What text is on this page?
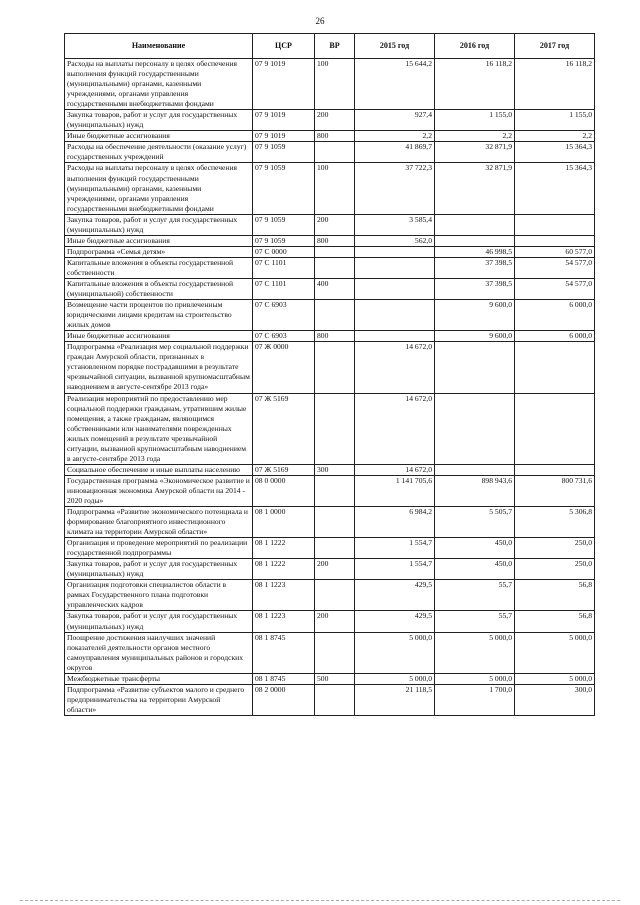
26
Наименование	ЦСР	ВР	2015 год	2016 год	2017 год
Расходы на выплаты персоналу в целях обеспечения выполнения функций государственными (муниципальными) органами, казенными учреждениями, органами управления государственными внебюджетными фондами	07 9 1019	100	15 644,2	16 118,2	16 118,2
Закупка товаров, работ и услуг для государственных (муниципальных) нужд	07 9 1019	200	927,4	1 155,0	1 155,0
Иные бюджетные ассигнования	07 9 1019	800	2,2	2,2	2,2
Расходы на обеспечение деятельности (оказание услуг) государственных учреждений	07 9 1059		41 869,7	32 871,9	15 364,3
Расходы на выплаты персоналу в целях обеспечения выполнения функций государственными (муниципальными) органами, казенными учреждениями, органами управления государственными внебюджетными фондами	07 9 1059	100	37 722,3	32 871,9	15 364,3
Закупка товаров, работ и услуг для государственных (муниципальных) нужд	07 9 1059	200	3 585,4		
Иные бюджетные ассигнования	07 9 1059	800	562,0		
Подпрограмма «Семья детям»	07 С 0000			46 998,5	60 577,0
Капитальные вложения в объекты государственной собственности	07 С 1101			37 398,5	54 577,0
Капитальные вложения в объекты государственной (муниципальной) собственности	07 С 1101	400		37 398,5	54 577,0
Возмещение части процентов по привлеченным юридическими лицами кредитам на строительство жилых домов	07 С 6903			9 600,0	6 000,0
Иные бюджетные ассигнования	07 С 6903	800		9 600,0	6 000,0
Подпрограмма «Реализация мер социальной поддержки граждан Амурской области, признанных в установленном порядке пострадавшими в результате чрезвычайной ситуации, вызванной крупномасштабным наводнением в августе-сентябре 2013 года»	07 Ж 0000		14 672,0		
Реализация мероприятий по предоставлению мер социальной поддержки гражданам, утратившим жилые помещения, а также гражданам, являющимся собственниками или нанимателями поврежденных жилых помещений в результате чрезвычайной ситуации, вызванной крупномасштабным наводнением в августе-сентябре 2013 года	07 Ж 5169		14 672,0		
Социальное обеспечение и иные выплаты населению	07 Ж 5169	300	14 672,0		
Государственная программа «Экономическое развитие и инновационная экономика Амурской области на 2014 - 2020 годы»	08 0 0000		1 141 705,6	898 943,6	800 731,6
Подпрограмма «Развитие экономического потенциала и формирование благоприятного инвестиционного климата на территории Амурской области»	08 1 0000		6 984,2	5 505,7	5 306,8
Организация и проведение мероприятий по реализации государственной подпрограммы	08 1 1222		1 554,7	450,0	250,0
Закупка товаров, работ и услуг для государственных (муниципальных) нужд	08 1 1222	200	1 554,7	450,0	250,0
Организация подготовки специалистов области в рамках Государственного плана подготовки управленческих кадров	08 1 1223		429,5	55,7	56,8
Закупка товаров, работ и услуг для государственных (муниципальных) нужд	08 1 1223	200	429,5	55,7	56,8
Поощрение достижения наилучших значений показателей деятельности органов местного самоуправления муниципальных районов и городских округов	08 1 8745		5 000,0	5 000,0	5 000,0
Межбюджетные трансферты	08 1 8745	500	5 000,0	5 000,0	5 000,0
Подпрограмма «Развитие субъектов малого и среднего предпринимательства на территории Амурской области»	08 2 0000		21 118,5	1 700,0	300,0
